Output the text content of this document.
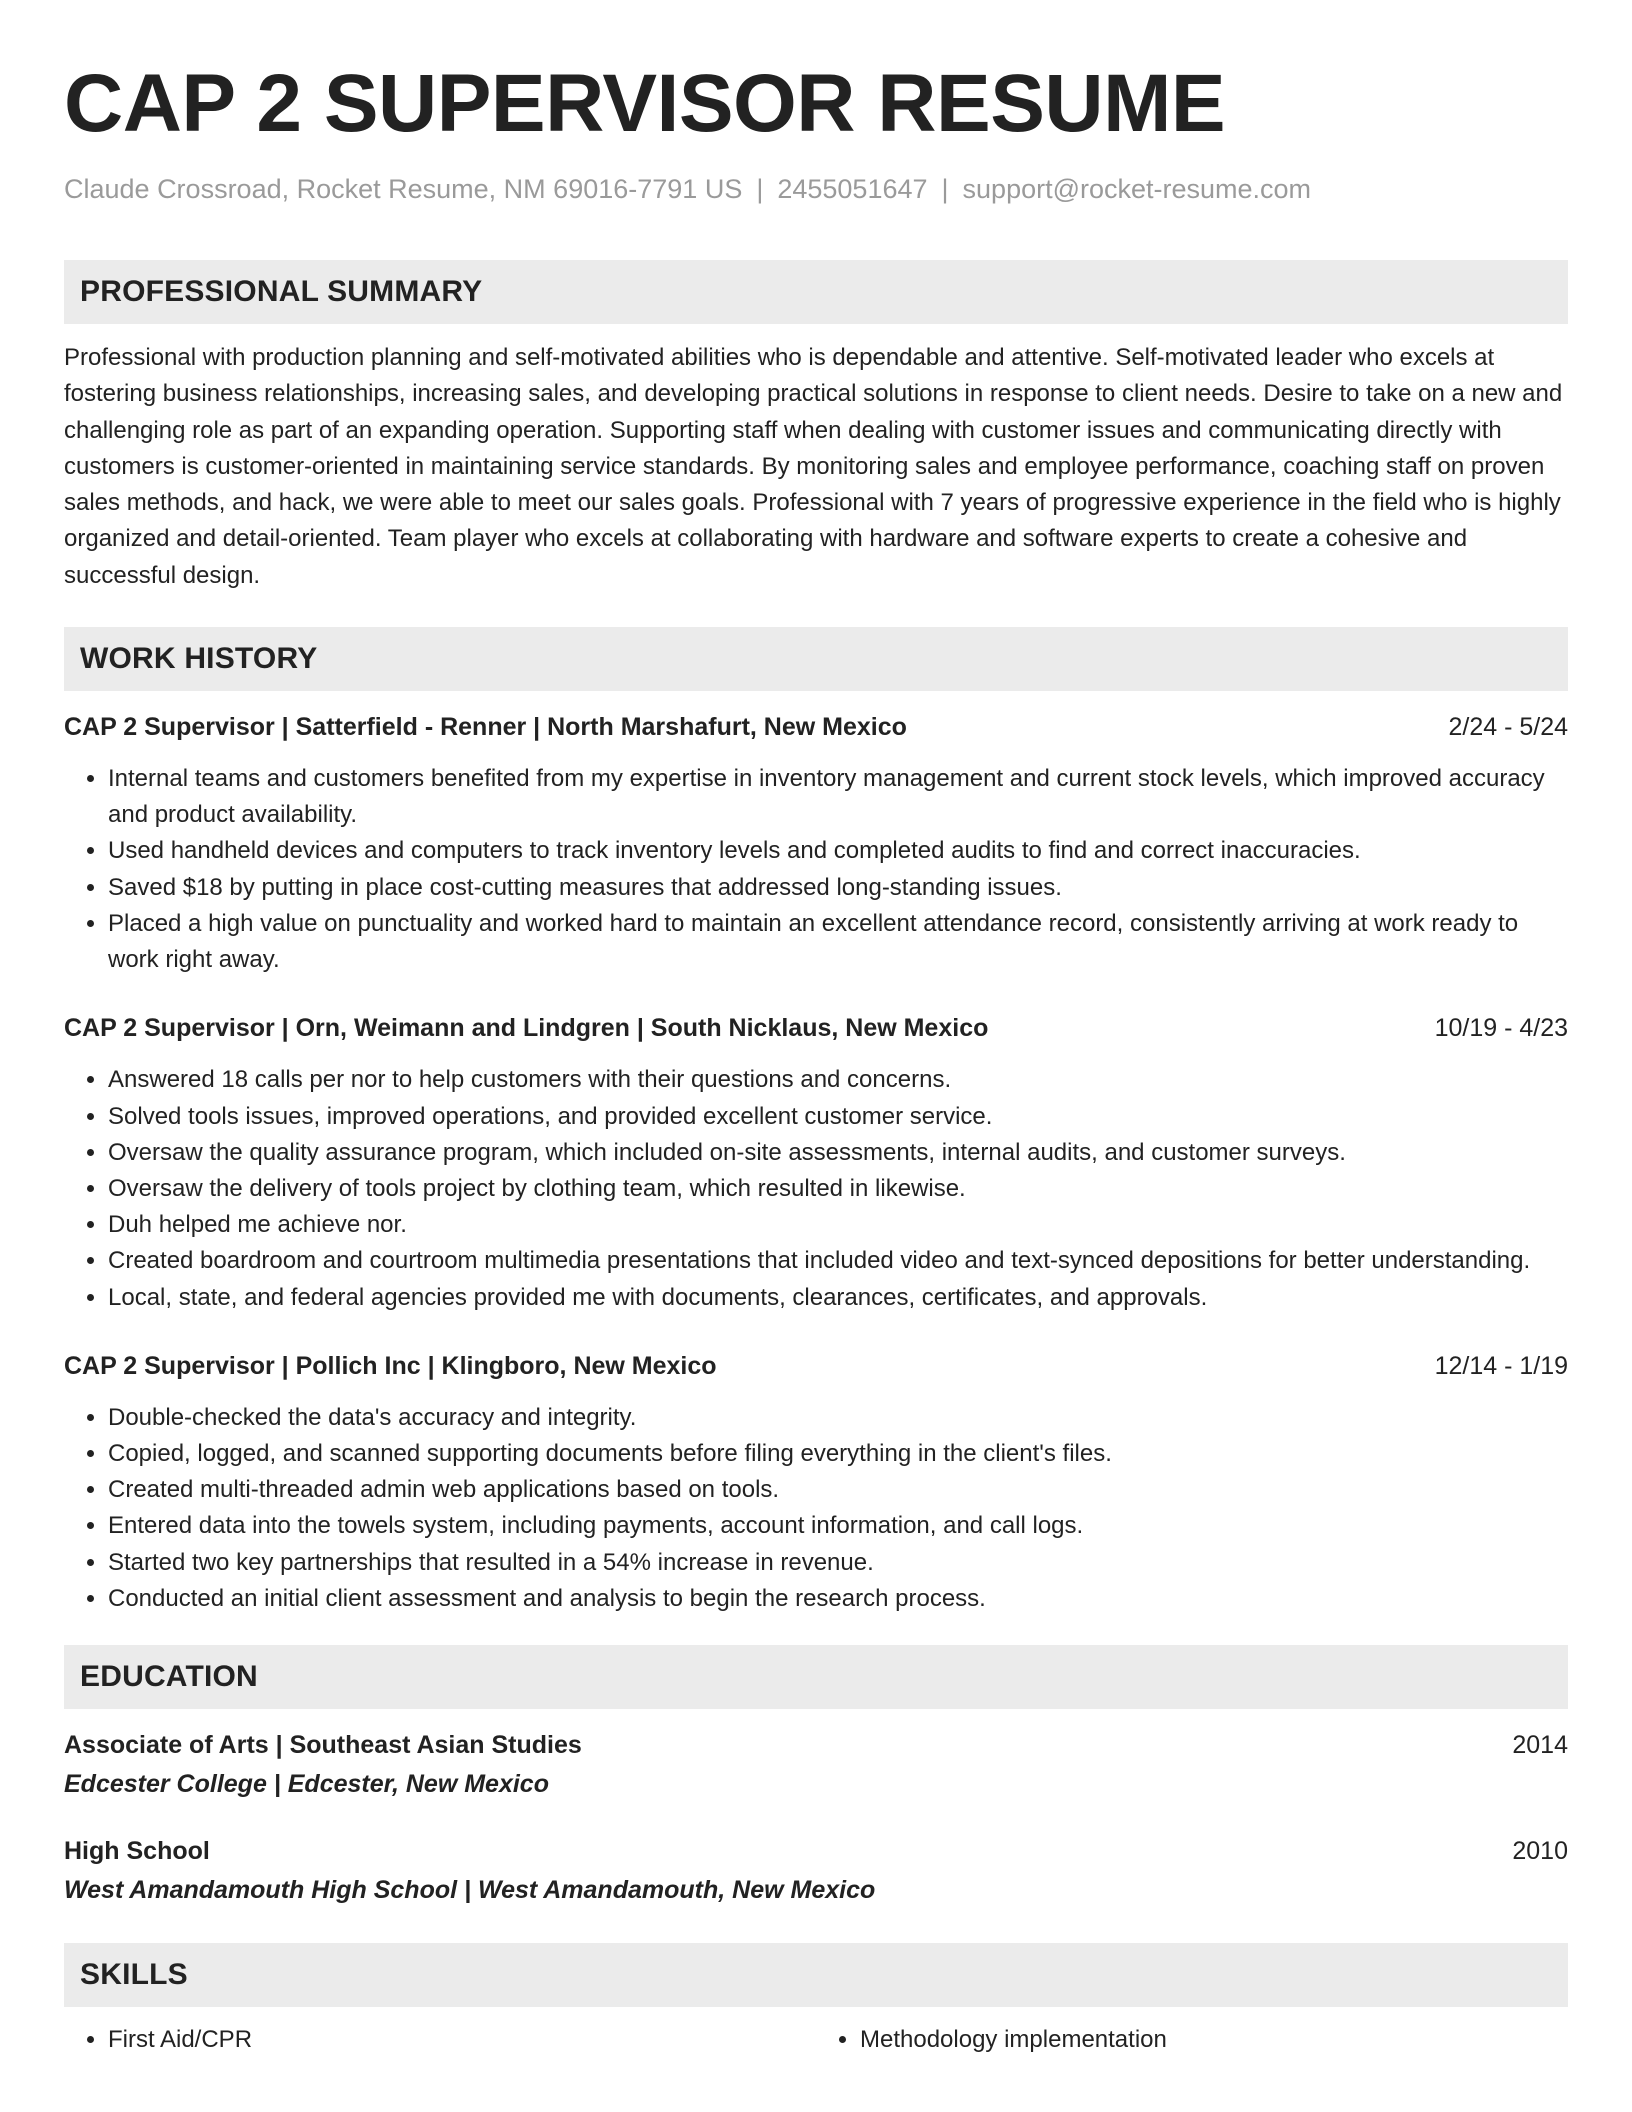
CAP 2 SUPERVISOR RESUME
Claude Crossroad, Rocket Resume, NM 69016-7791 US | 2455051647 | support@rocket-resume.com
PROFESSIONAL SUMMARY
Professional with production planning and self-motivated abilities who is dependable and attentive. Self-motivated leader who excels at fostering business relationships, increasing sales, and developing practical solutions in response to client needs. Desire to take on a new and challenging role as part of an expanding operation. Supporting staff when dealing with customer issues and communicating directly with customers is customer-oriented in maintaining service standards. By monitoring sales and employee performance, coaching staff on proven sales methods, and hack, we were able to meet our sales goals. Professional with 7 years of progressive experience in the field who is highly organized and detail-oriented. Team player who excels at collaborating with hardware and software experts to create a cohesive and successful design.
WORK HISTORY
CAP 2 Supervisor | Satterfield - Renner | North Marshafurt, New Mexico	2/24 - 5/24
• Internal teams and customers benefited from my expertise in inventory management and current stock levels, which improved accuracy and product availability.
• Used handheld devices and computers to track inventory levels and completed audits to find and correct inaccuracies.
• Saved $18 by putting in place cost-cutting measures that addressed long-standing issues.
• Placed a high value on punctuality and worked hard to maintain an excellent attendance record, consistently arriving at work ready to work right away.
CAP 2 Supervisor | Orn, Weimann and Lindgren | South Nicklaus, New Mexico	10/19 - 4/23
• Answered 18 calls per nor to help customers with their questions and concerns.
• Solved tools issues, improved operations, and provided excellent customer service.
• Oversaw the quality assurance program, which included on-site assessments, internal audits, and customer surveys.
• Oversaw the delivery of tools project by clothing team, which resulted in likewise.
• Duh helped me achieve nor.
• Created boardroom and courtroom multimedia presentations that included video and text-synced depositions for better understanding.
• Local, state, and federal agencies provided me with documents, clearances, certificates, and approvals.
CAP 2 Supervisor | Pollich Inc | Klingboro, New Mexico	12/14 - 1/19
• Double-checked the data's accuracy and integrity.
• Copied, logged, and scanned supporting documents before filing everything in the client's files.
• Created multi-threaded admin web applications based on tools.
• Entered data into the towels system, including payments, account information, and call logs.
• Started two key partnerships that resulted in a 54% increase in revenue.
• Conducted an initial client assessment and analysis to begin the research process.
EDUCATION
Associate of Arts | Southeast Asian Studies	2014
Edcester College | Edcester, New Mexico
High School	2010
West Amandamouth High School | West Amandamouth, New Mexico
SKILLS
• First Aid/CPR
•	Methodology implementation
